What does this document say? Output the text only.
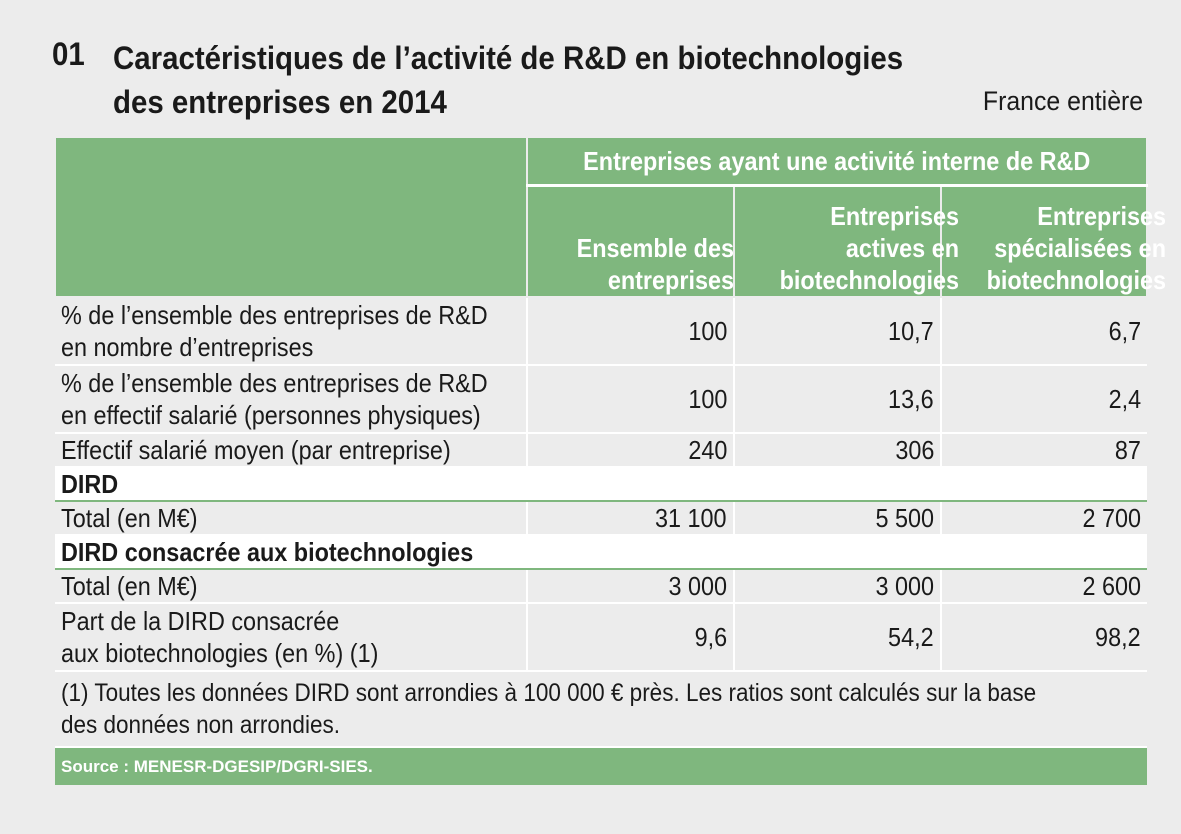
01 Caractéristiques de l’activité de R&D en biotechnologies
des entreprises en 2014	France entière
	Entreprises ayant une activité interne de R&D		
	Ensemble des entreprises	Entreprises actives en biotechnologies	Entreprises spécialisées en biotechnologies
% de l’ensemble des entreprises de R&D
en nombre d’entreprises	100	10,7	6,7
% de l’ensemble des entreprises de R&D
en effectif salarié (personnes physiques)	100	13,6	2,4
Effectif salarié moyen (par entreprise)	240	306	87
DIRD			
Total (en M€)	31 100	5 500	2 700
DIRD consacrée aux biotechnologies			
Total (en M€)	3 000	3 000	2 600
Part de la DIRD consacrée
aux biotechnologies (en %) (1)	9,6	54,2	98,2
(1) Toutes les données DIRD sont arrondies à 100 000 € près. Les ratios sont calculés sur la base des données non arrondies.			
Source : MENESR-DGESIP/DGRI-SIES.			
